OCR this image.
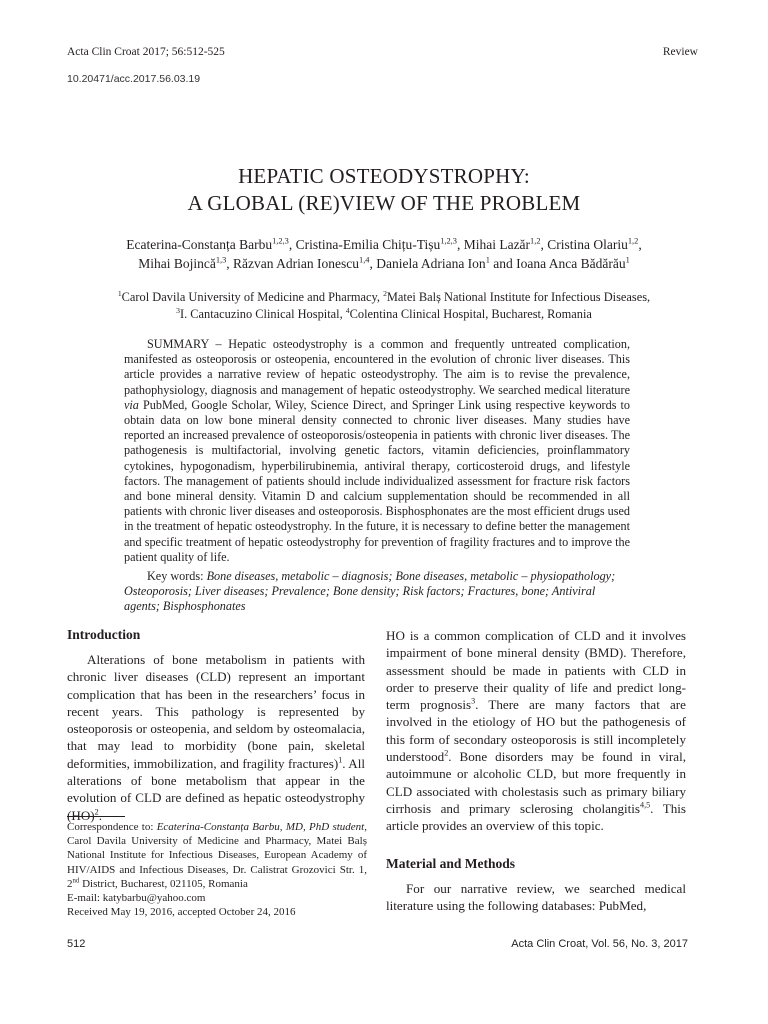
Acta Clin Croat 2017; 56:512-525	Review
10.20471/acc.2017.56.03.19
HEPATIC OSTEODYSTROPHY:
A GLOBAL (RE)VIEW OF THE PROBLEM
Ecaterina-Constanța Barbu$^{1,2,3}$, Cristina-Emilia Chițu-Tișu$^{1,2,3}$, Mihai Lazăr$^{1,2}$, Cristina Olariu$^{1,2}$,
Mihai Bojincă$^{1,3}$, Răzvan Adrian Ionescu$^{1,4}$, Daniela Adriana Ion$^1$ and Ioana Anca Bădărău$^1$
$^1$Carol Davila University of Medicine and Pharmacy, $^2$Matei Balș National Institute for Infectious Diseases,
$^3$I. Cantacuzino Clinical Hospital, $^4$Colentina Clinical Hospital, Bucharest, Romania
SUMMARY – Hepatic osteodystrophy is a common and frequently untreated complication, manifested as osteoporosis or osteopenia, encountered in the evolution of chronic liver diseases. This article provides a narrative review of hepatic osteodystrophy. The aim is to revise the prevalence, pathophysiology, diagnosis and management of hepatic osteodystrophy. We searched medical literature via PubMed, Google Scholar, Wiley, Science Direct, and Springer Link using respective keywords to obtain data on low bone mineral density connected to chronic liver diseases. Many studies have reported an increased prevalence of osteoporosis/osteopenia in patients with chronic liver diseases. The pathogenesis is multifactorial, involving genetic factors, vitamin deficiencies, proinflammatory cytokines, hypogonadism, hyperbilirubinemia, antiviral therapy, corticosteroid drugs, and lifestyle factors. The management of patients should include individualized assessment for fracture risk factors and bone mineral density. Vitamin D and calcium supplementation should be recommended in all patients with chronic liver diseases and osteoporosis. Bisphosphonates are the most efficient drugs used in the treatment of hepatic osteodystrophy. In the future, it is necessary to define better the management and specific treatment of hepatic osteodystrophy for prevention of fragility fractures and to improve the patient quality of life.
Key words: Bone diseases, metabolic – diagnosis; Bone diseases, metabolic – physiopathology; Osteoporosis; Liver diseases; Prevalence; Bone density; Risk factors; Fractures, bone; Antiviral agents; Bisphosphonates
Introduction
Alterations of bone metabolism in patients with chronic liver diseases (CLD) represent an important complication that has been in the researchers’ focus in recent years. This pathology is represented by osteoporosis or osteopenia, and seldom by osteomalacia, that may lead to morbidity (bone pain, skeletal deformities, immobilization, and fragility fractures)$^1$. All alterations of bone metabolism that appear in the evolution of CLD are defined as hepatic osteodystrophy (HO)$^2$.
Correspondence to: Ecaterina-Constanța Barbu, MD, PhD student, Carol Davila University of Medicine and Pharmacy, Matei Balș National Institute for Infectious Diseases, European Academy of HIV/AIDS and Infectious Diseases, Dr. Calistrat Grozovici Str. 1, 2nd District, Bucharest, 021105, Romania
E-mail: katybarbu@yahoo.com
Received May 19, 2016, accepted October 24, 2016
HO is a common complication of CLD and it involves impairment of bone mineral density (BMD). Therefore, assessment should be made in patients with CLD in order to preserve their quality of life and predict long-term prognosis$^3$. There are many factors that are involved in the etiology of HO but the pathogenesis of this form of secondary osteoporosis is still incompletely understood$^2$. Bone disorders may be found in viral, autoimmune or alcoholic CLD, but more frequently in CLD associated with cholestasis such as primary biliary cirrhosis and primary sclerosing cholangitis$^{4,5}$. This article provides an overview of this topic.
Material and Methods
For our narrative review, we searched medical literature using the following databases: PubMed,
512	Acta Clin Croat, Vol. 56, No. 3, 2017
